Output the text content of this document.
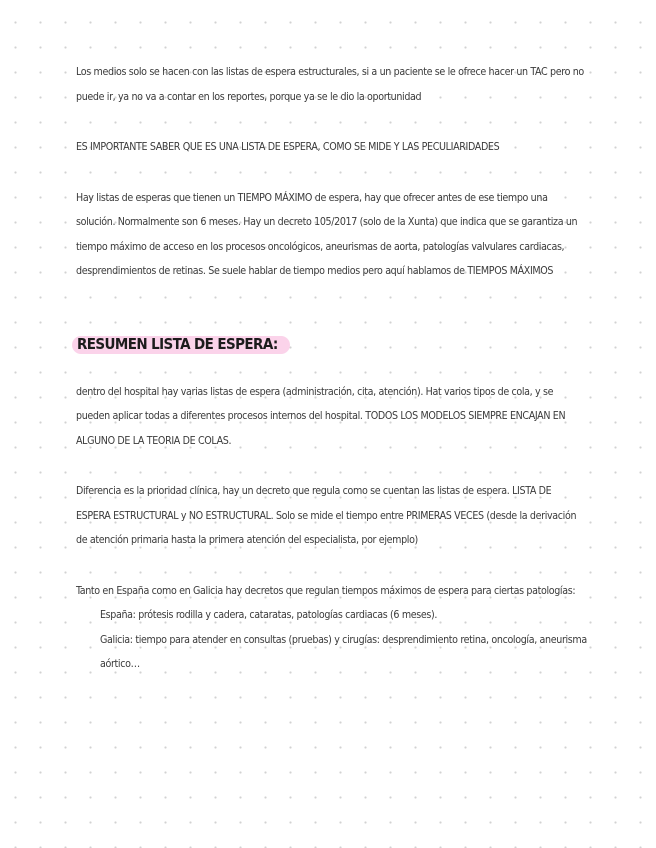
Los medios solo se hacen con las listas de espera estructurales, si a un paciente se le ofrece hacer un TAC pero no puede ir, ya no va a contar en los reportes, porque ya se le dio la oportunidad

ES IMPORTANTE SABER QUE ES UNA LISTA DE ESPERA, COMO SE MIDE Y LAS PECULIARIDADES

Hay listas de esperas que tienen un TIEMPO MÁXIMO de espera, hay que ofrecer antes de ese tiempo una solución. Normalmente son 6 meses. Hay un decreto 105/2017 (solo de la Xunta) que indica que se garantiza un tiempo máximo de acceso en los procesos oncológicos, aneurismas de aorta, patologías valvulares cardiacas, desprendimientos de retinas. Se suele hablar de tiempo medios pero aquí hablamos de TIEMPOS MÁXIMOS

RESUMEN LISTA DE ESPERA:

dentro del hospital hay varias listas de espera (administración, cita, atención). Hat varios tipos de cola, y se pueden aplicar todas a diferentes procesos internos del hospital. TODOS LOS MODELOS SIEMPRE ENCAJAN EN ALGUNO DE LA TEORIA DE COLAS.

Diferencia es la prioridad clínica, hay un decreto que regula como se cuentan las listas de espera. LISTA DE ESPERA ESTRUCTURAL y NO ESTRUCTURAL. Solo se mide el tiempo entre PRIMERAS VECES (desde la derivación de atención primaria hasta la primera atención del especialista, por ejemplo)

Tanto en España como en Galicia hay decretos que regulan tiempos máximos de espera para ciertas patologías:

España: prótesis rodilla y cadera, cataratas, patologías cardiacas (6 meses).
Galicia: tiempo para atender en consultas (pruebas) y cirugías: desprendimiento retina, oncología, aneurisma aórtico…
